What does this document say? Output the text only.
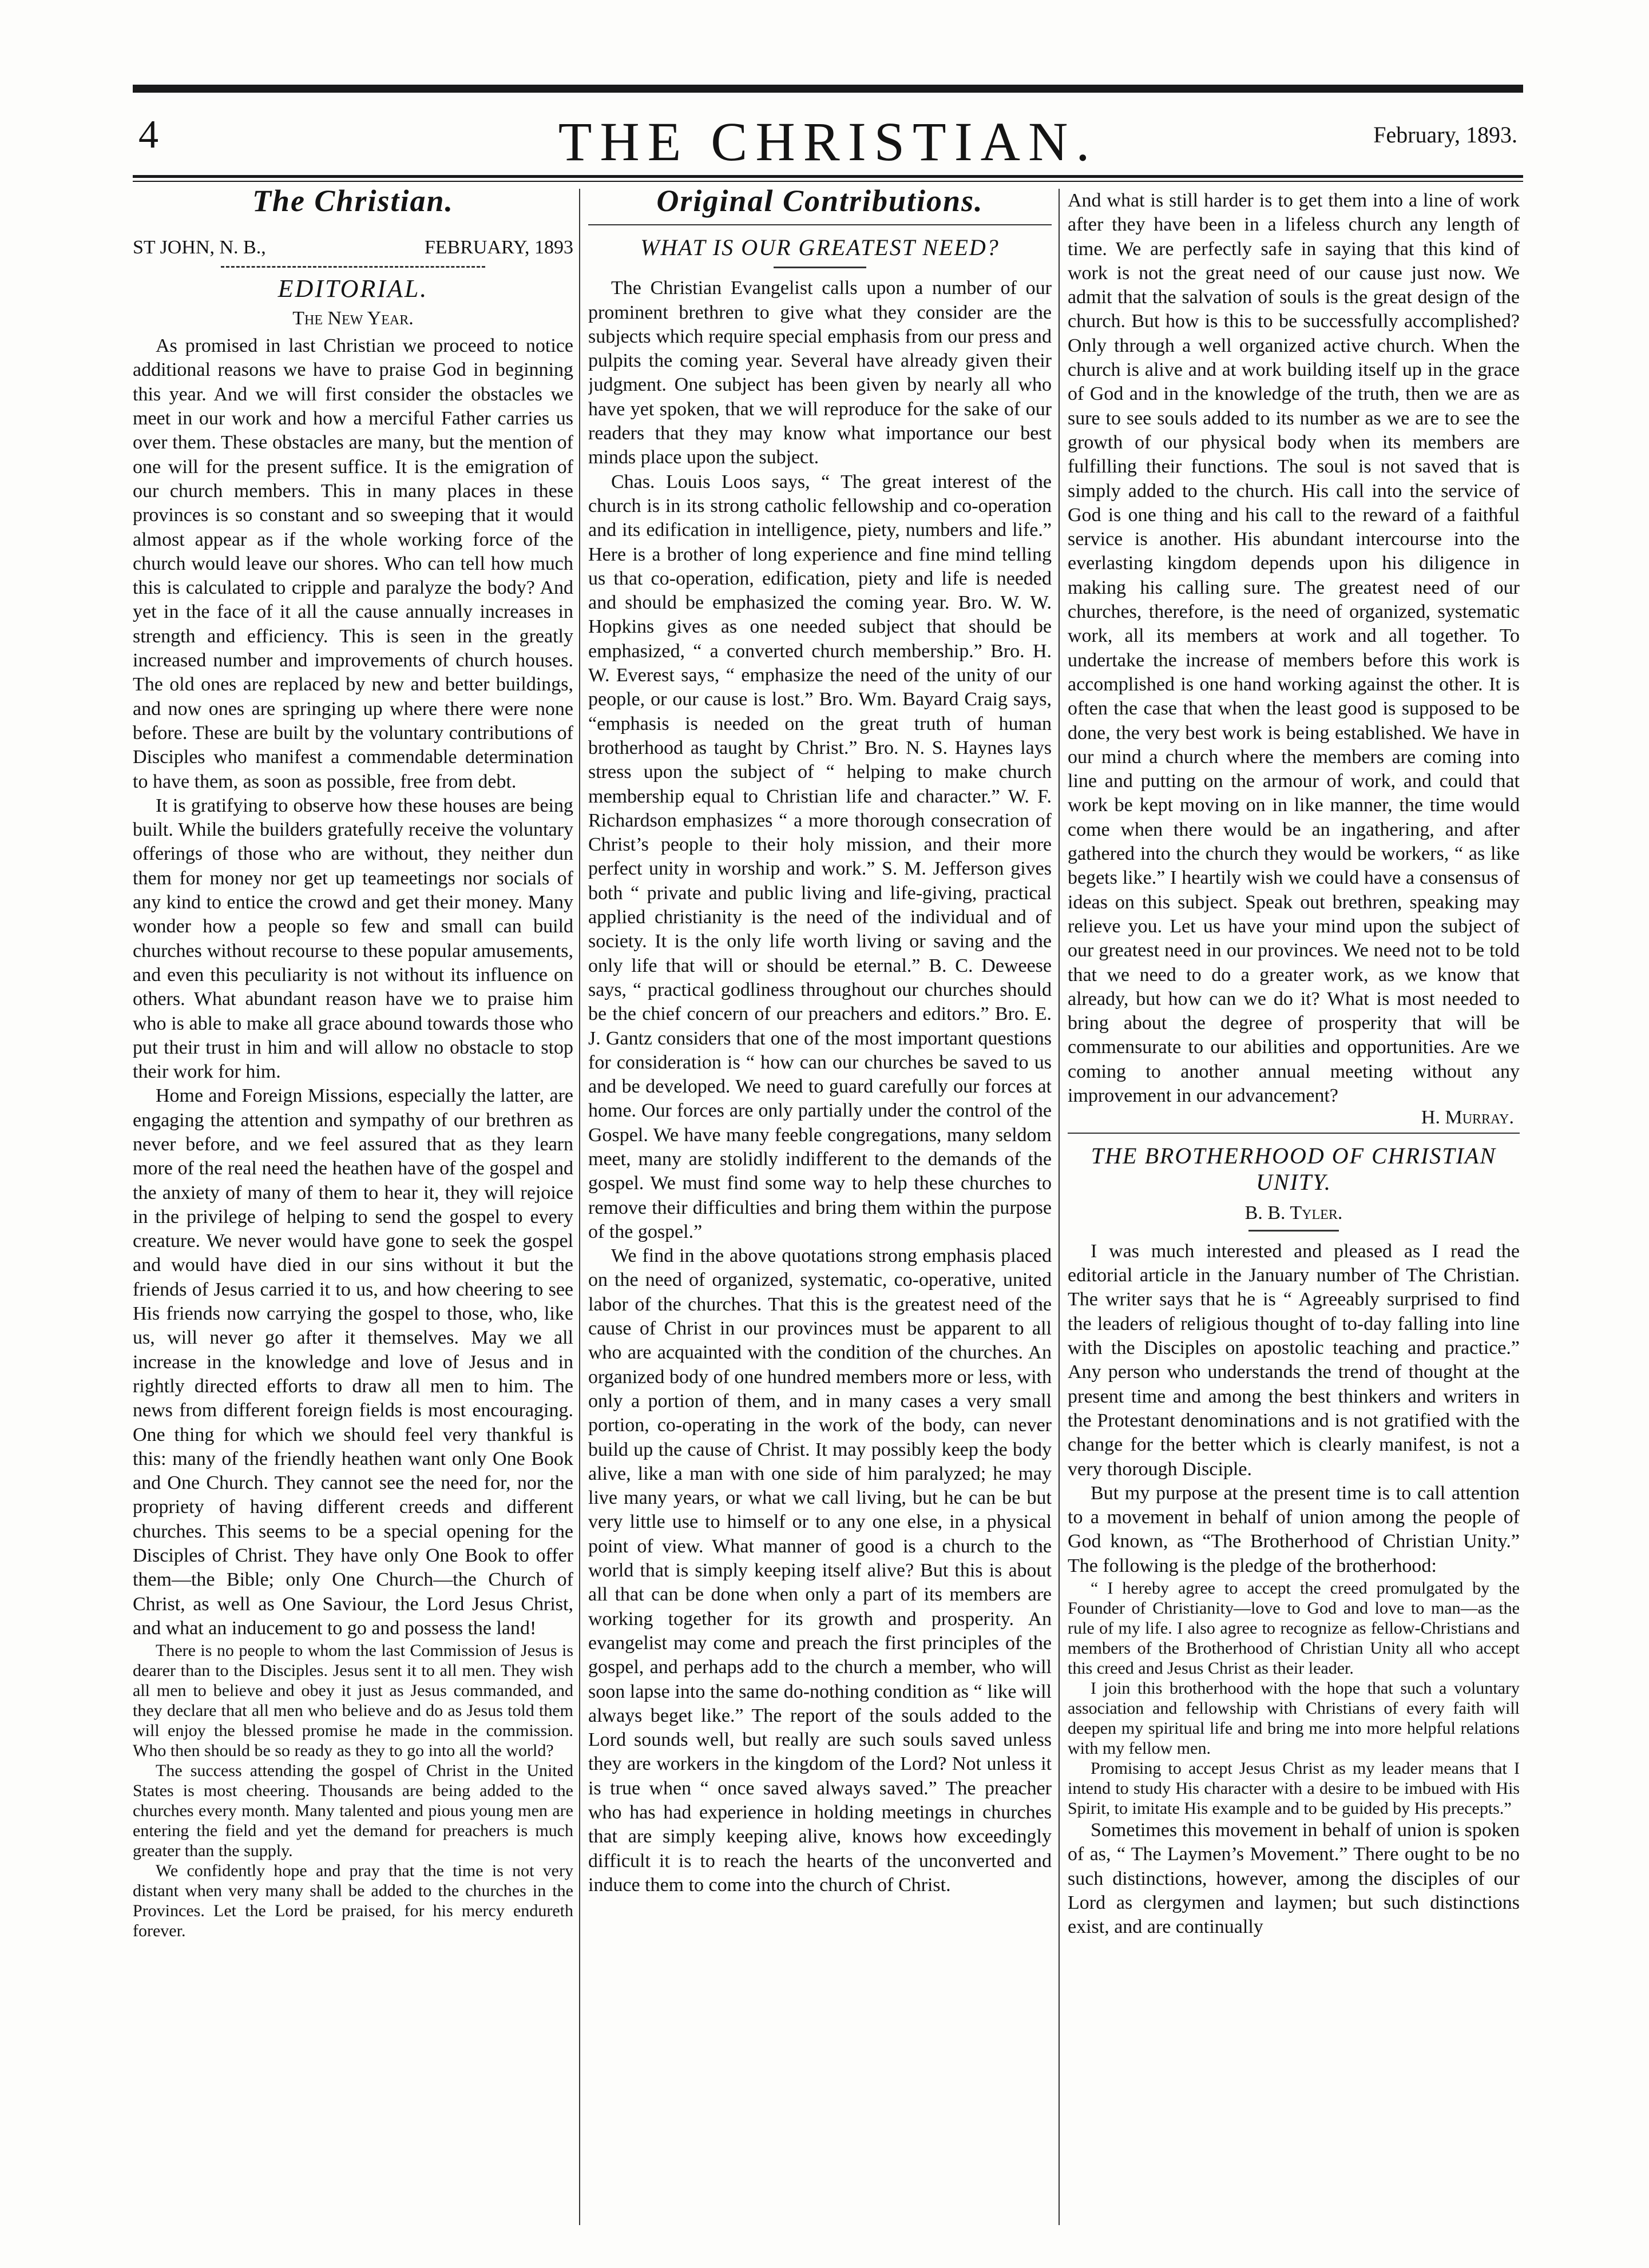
4	THE CHRISTIAN.	February, 1893.
The Christian.
ST JOHN, N. B.,	FEBRUARY, 1893
EDITORIAL.
The New Year.

As promised in last Christian we proceed to notice additional reasons we have to praise God in beginning this year. And we will first consider the obstacles we meet in our work and how a merciful Father carries us over them. These obstacles are many, but the mention of one will for the present suffice. It is the emigration of our church members. This in many places in these provinces is so constant and so sweeping that it would almost appear as if the whole working force of the church would leave our shores. Who can tell how much this is calculated to cripple and paralyze the body? And yet in the face of it all the cause annually increases in strength and efficiency. This is seen in the greatly increased number and improvements of church houses. The old ones are replaced by new and better buildings, and now ones are springing up where there were none before. These are built by the voluntary contributions of Disciples who manifest a commendable determination to have them, as soon as possible, free from debt.

It is gratifying to observe how these houses are being built. While the builders gratefully receive the voluntary offerings of those who are without, they neither dun them for money nor get up teameetings nor socials of any kind to entice the crowd and get their money. Many wonder how a people so few and small can build churches without recourse to these popular amusements, and even this peculiarity is not without its influence on others. What abundant reason have we to praise him who is able to make all grace abound towards those who put their trust in him and will allow no obstacle to stop their work for him.

Home and Foreign Missions, especially the latter, are engaging the attention and sympathy of our brethren as never before, and we feel assured that as they learn more of the real need the heathen have of the gospel and the anxiety of many of them to hear it, they will rejoice in the privilege of helping to send the gospel to every creature. We never would have gone to seek the gospel and would have died in our sins without it but the friends of Jesus carried it to us, and how cheering to see His friends now carrying the gospel to those, who, like us, will never go after it themselves. May we all increase in the knowledge and love of Jesus and in rightly directed efforts to draw all men to him. The news from different foreign fields is most encouraging. One thing for which we should feel very thankful is this: many of the friendly heathen want only One Book and One Church. They cannot see the need for, nor the propriety of having different creeds and different churches. This seems to be a special opening for the Disciples of Christ. They have only One Book to offer them—the Bible; only One Church—the Church of Christ, as well as One Saviour, the Lord Jesus Christ, and what an inducement to go and possess the land!

There is no people to whom the last Commission of Jesus is dearer than to the Disciples. Jesus sent it to all men. They wish all men to believe and obey it just as Jesus commanded, and they declare that all men who believe and do as Jesus told them will enjoy the blessed promise he made in the commission. Who then should be so ready as they to go into all the world?

The success attending the gospel of Christ in the United States is most cheering. Thousands are being added to the churches every month. Many talented and pious young men are entering the field and yet the demand for preachers is much greater than the supply.

We confidently hope and pray that the time is not very distant when very many shall be added to the churches in the Provinces. Let the Lord be praised, for his mercy endureth forever.

Original Contributions.
WHAT IS OUR GREATEST NEED?

The Christian Evangelist calls upon a number of our prominent brethren to give what they consider are the subjects which require special emphasis from our press and pulpits the coming year. Several have already given their judgment. One subject has been given by nearly all who have yet spoken, that we will reproduce for the sake of our readers that they may know what importance our best minds place upon the subject.

Chas. Louis Loos says, “ The great interest of the church is in its strong catholic fellowship and co-operation and its edification in intelligence, piety, numbers and life.” Here is a brother of long experience and fine mind telling us that co-operation, edification, piety and life is needed and should be emphasized the coming year. Bro. W. W. Hopkins gives as one needed subject that should be emphasized, “ a converted church membership.” Bro. H. W. Everest says, “ emphasize the need of the unity of our people, or our cause is lost.” Bro. Wm. Bayard Craig says, “emphasis is needed on the great truth of human brotherhood as taught by Christ.” Bro. N. S. Haynes lays stress upon the subject of “ helping to make church membership equal to Christian life and character.” W. F. Richardson emphasizes “ a more thorough consecration of Christ’s people to their holy mission, and their more perfect unity in worship and work.” S. M. Jefferson gives both “ private and public living and life-giving, practical applied christianity is the need of the individual and of society. It is the only life worth living or saving and the only life that will or should be eternal.” B. C. Deweese says, “ practical godliness throughout our churches should be the chief concern of our preachers and editors.” Bro. E. J. Gantz considers that one of the most important questions for consideration is “ how can our churches be saved to us and be developed. We need to guard carefully our forces at home. Our forces are only partially under the control of the Gospel. We have many feeble congregations, many seldom meet, many are stolidly indifferent to the demands of the gospel. We must find some way to help these churches to remove their difficulties and bring them within the purpose of the gospel.”

We find in the above quotations strong emphasis placed on the need of organized, systematic, co-operative, united labor of the churches. That this is the greatest need of the cause of Christ in our provinces must be apparent to all who are acquainted with the condition of the churches. An organized body of one hundred members more or less, with only a portion of them, and in many cases a very small portion, co-operating in the work of the body, can never build up the cause of Christ. It may possibly keep the body alive, like a man with one side of him paralyzed; he may live many years, or what we call living, but he can be but very little use to himself or to any one else, in a physical point of view. What manner of good is a church to the world that is simply keeping itself alive? But this is about all that can be done when only a part of its members are working together for its growth and prosperity. An evangelist may come and preach the first principles of the gospel, and perhaps add to the church a member, who will soon lapse into the same do-nothing condition as “ like will always beget like.” The report of the souls added to the Lord sounds well, but really are such souls saved unless they are workers in the kingdom of the Lord? Not unless it is true when “ once saved always saved.” The preacher who has had experience in holding meetings in churches that are simply keeping alive, knows how exceedingly difficult it is to reach the hearts of the unconverted and induce them to come into the church of Christ.

And what is still harder is to get them into a line of work after they have been in a lifeless church any length of time. We are perfectly safe in saying that this kind of work is not the great need of our cause just now. We admit that the salvation of souls is the great design of the church. But how is this to be successfully accomplished? Only through a well organized active church. When the church is alive and at work building itself up in the grace of God and in the knowledge of the truth, then we are as sure to see souls added to its number as we are to see the growth of our physical body when its members are fulfilling their functions. The soul is not saved that is simply added to the church. His call into the service of God is one thing and his call to the reward of a faithful service is another. His abundant intercourse into the everlasting kingdom depends upon his diligence in making his calling sure. The greatest need of our churches, therefore, is the need of organized, systematic work, all its members at work and all together. To undertake the increase of members before this work is accomplished is one hand working against the other. It is often the case that when the least good is supposed to be done, the very best work is being established. We have in our mind a church where the members are coming into line and putting on the armour of work, and could that work be kept moving on in like manner, the time would come when there would be an ingathering, and after gathered into the church they would be workers, “ as like begets like.” I heartily wish we could have a consensus of ideas on this subject. Speak out brethren, speaking may relieve you. Let us have your mind upon the subject of our greatest need in our provinces. We need not to be told that we need to do a greater work, as we know that already, but how can we do it? What is most needed to bring about the degree of prosperity that will be commensurate to our abilities and opportunities. Are we coming to another annual meeting without any improvement in our advancement?

H. Murray.
THE BROTHERHOOD OF CHRISTIAN UNITY.
B. B. Tyler.

I was much interested and pleased as I read the editorial article in the January number of The Christian. The writer says that he is “ Agreeably surprised to find the leaders of religious thought of to-day falling into line with the Disciples on apostolic teaching and practice.” Any person who understands the trend of thought at the present time and among the best thinkers and writers in the Protestant denominations and is not gratified with the change for the better which is clearly manifest, is not a very thorough Disciple.

But my purpose at the present time is to call attention to a movement in behalf of union among the people of God known, as “The Brotherhood of Christian Unity.” The following is the pledge of the brotherhood:

“ I hereby agree to accept the creed promulgated by the Founder of Christianity—love to God and love to man—as the rule of my life. I also agree to recognize as fellow-Christians and members of the Brotherhood of Christian Unity all who accept this creed and Jesus Christ as their leader.

I join this brotherhood with the hope that such a voluntary association and fellowship with Christians of every faith will deepen my spiritual life and bring me into more helpful relations with my fellow men.

Promising to accept Jesus Christ as my leader means that I intend to study His character with a desire to be imbued with His Spirit, to imitate His example and to be guided by His precepts.”

Sometimes this movement in behalf of union is spoken of as, “ The Laymen’s Movement.” There ought to be no such distinctions, however, among the disciples of our Lord as clergymen and laymen; but such distinctions exist, and are continually
